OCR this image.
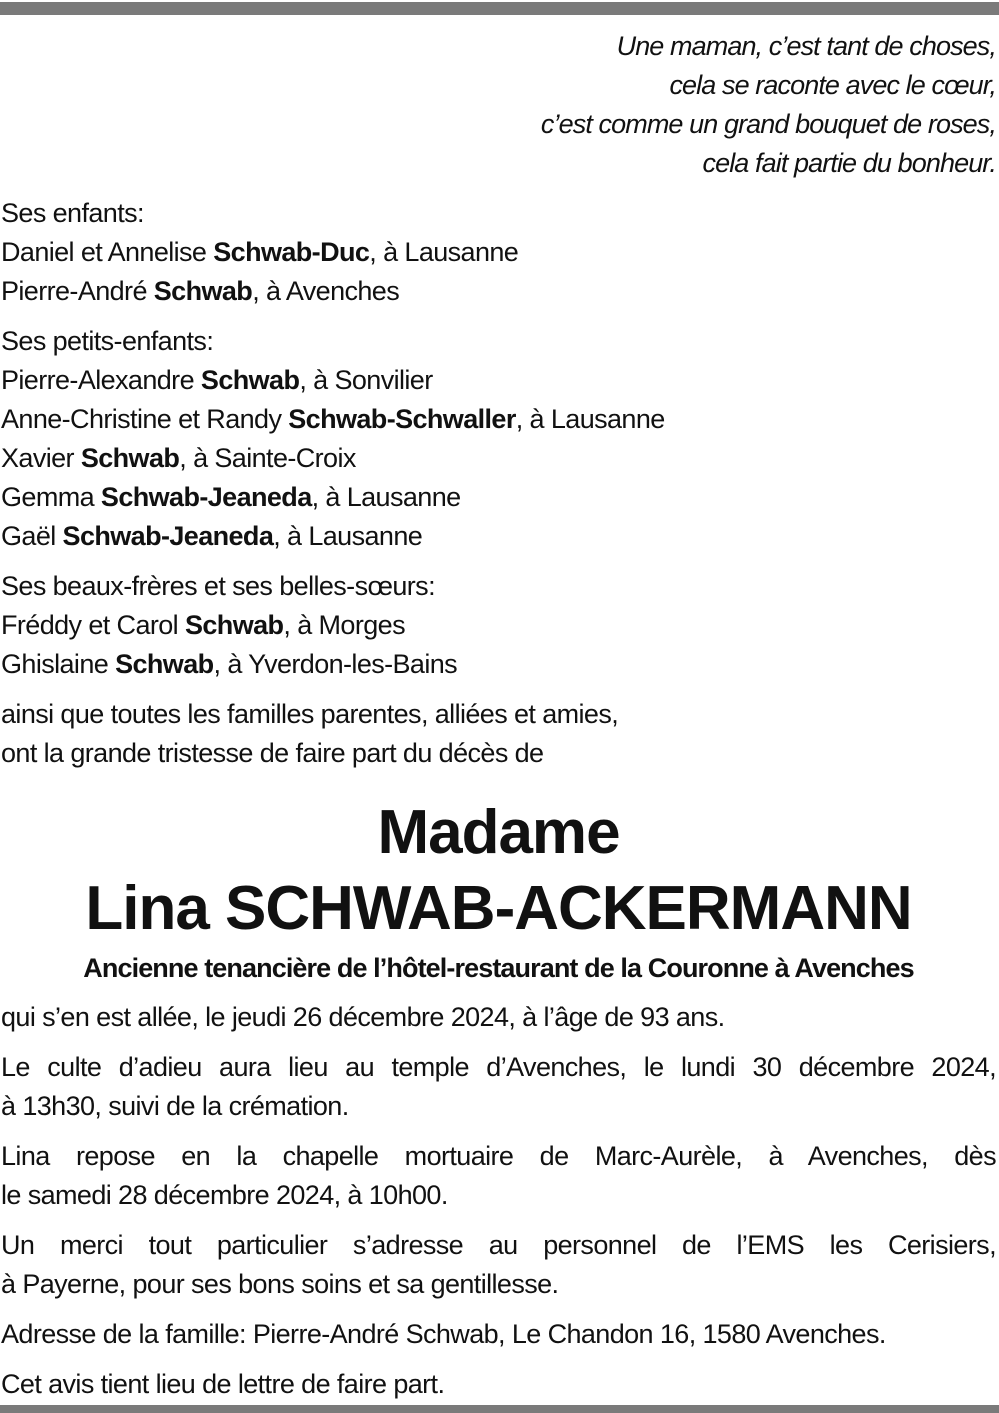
Une maman, c’est tant de choses,
cela se raconte avec le cœur,
c’est comme un grand bouquet de roses,
cela fait partie du bonheur.
Ses enfants:
Daniel et Annelise Schwab-Duc, à Lausanne
Pierre-André Schwab, à Avenches
Ses petits-enfants:
Pierre-Alexandre Schwab, à Sonvilier
Anne-Christine et Randy Schwab-Schwaller, à Lausanne
Xavier Schwab, à Sainte-Croix
Gemma Schwab-Jeaneda, à Lausanne
Gaël Schwab-Jeaneda, à Lausanne
Ses beaux-frères et ses belles-sœurs:
Fréddy et Carol Schwab, à Morges
Ghislaine Schwab, à Yverdon-les-Bains
ainsi que toutes les familles parentes, alliées et amies,
ont la grande tristesse de faire part du décès de
Madame
Lina SCHWAB-ACKERMANN
Ancienne tenancière de l’hôtel-restaurant de la Couronne à Avenches
qui s’en est allée, le jeudi 26 décembre 2024, à l’âge de 93 ans.
Le culte d’adieu aura lieu au temple d’Avenches, le lundi 30 décembre 2024,
à 13h30, suivi de la crémation.
Lina repose en la chapelle mortuaire de Marc-Aurèle, à Avenches, dès
le samedi 28 décembre 2024, à 10h00.
Un merci tout particulier s’adresse au personnel de l’EMS les Cerisiers,
à Payerne, pour ses bons soins et sa gentillesse.
Adresse de la famille: Pierre-André Schwab, Le Chandon 16, 1580 Avenches.
Cet avis tient lieu de lettre de faire part.
